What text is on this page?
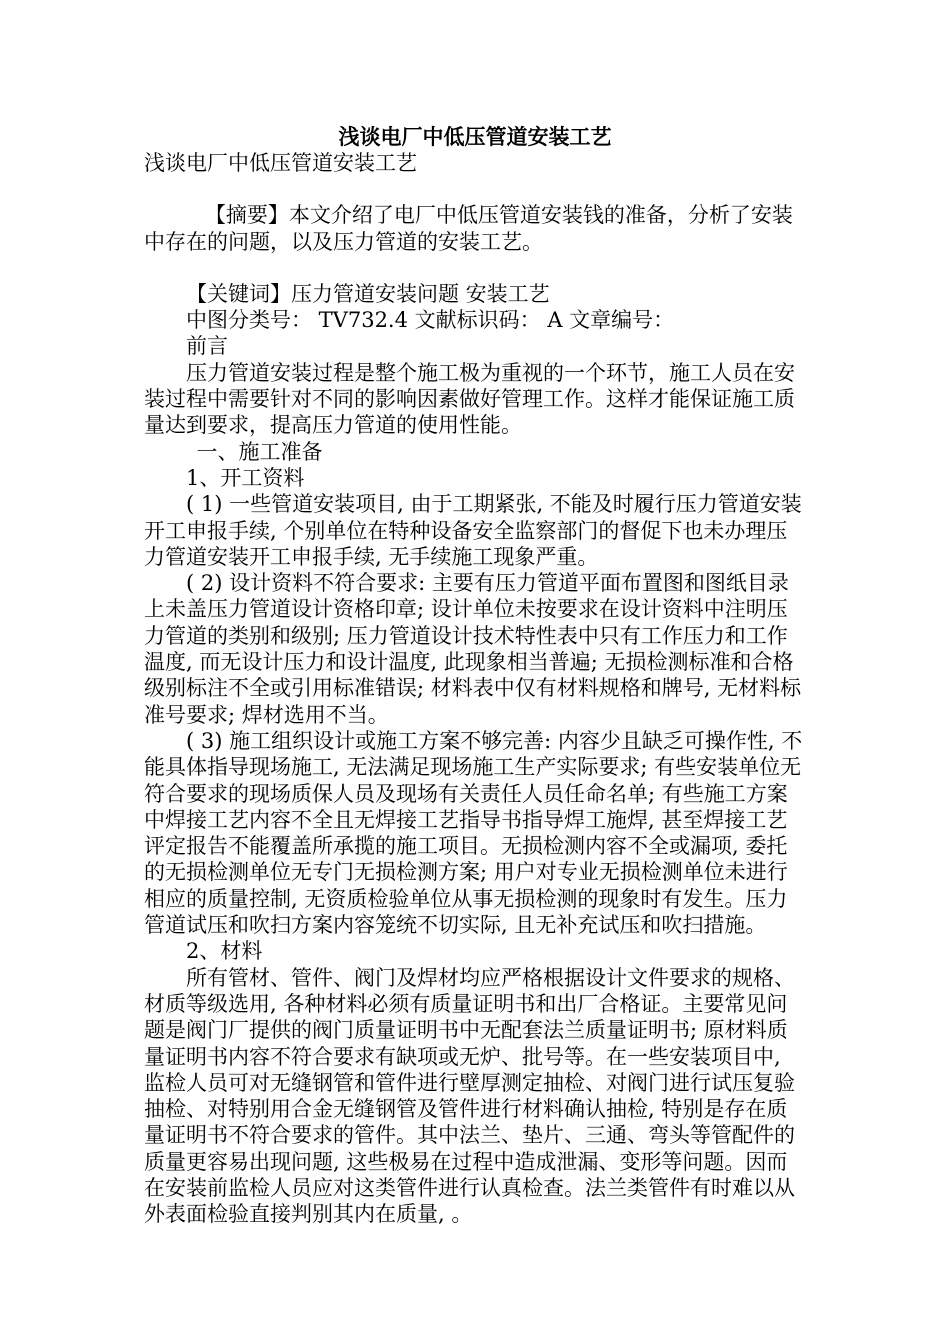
浅谈电厂中低压管道安装工艺

浅谈电厂中低压管道安装工艺

【摘要】本文介绍了电厂中低压管道安装钱的准备，分析了安装中存在的问题，以及压力管道的安装工艺。

【关键词】压力管道安装问题 安装工艺

中图分类号： TV732.4 文献标识码： A 文章编号：

前言

压力管道安装过程是整个施工极为重视的一个环节，施工人员在安装过程中需要针对不同的影响因素做好管理工作。这样才能保证施工质量达到要求，提高压力管道的使用性能。

一、施工准备

1、开工资料

( 1) 一些管道安装项目, 由于工期紧张, 不能及时履行压力管道安装开工申报手续, 个别单位在特种设备安全监察部门的督促下也未办理压力管道安装开工申报手续, 无手续施工现象严重。

( 2) 设计资料不符合要求: 主要有压力管道平面布置图和图纸目录上未盖压力管道设计资格印章; 设计单位未按要求在设计资料中注明压力管道的类别和级别; 压力管道设计技术特性表中只有工作压力和工作温度, 而无设计压力和设计温度, 此现象相当普遍; 无损检测标准和合格级别标注不全或引用标准错误; 材料表中仅有材料规格和牌号, 无材料标准号要求; 焊材选用不当。

( 3) 施工组织设计或施工方案不够完善: 内容少且缺乏可操作性, 不能具体指导现场施工, 无法满足现场施工生产实际要求; 有些安装单位无符合要求的现场质保人员及现场有关责任人员任命名单; 有些施工方案中焊接工艺内容不全且无焊接工艺指导书指导焊工施焊, 甚至焊接工艺评定报告不能覆盖所承揽的施工项目。无损检测内容不全或漏项, 委托的无损检测单位无专门无损检测方案; 用户对专业无损检测单位未进行相应的质量控制, 无资质检验单位从事无损检测的现象时有发生。压力管道试压和吹扫方案内容笼统不切实际, 且无补充试压和吹扫措施。

2、材料

所有管材、管件、阀门及焊材均应严格根据设计文件要求的规格、材质等级选用, 各种材料必须有质量证明书和出厂合格证。主要常见问题是阀门厂提供的阀门质量证明书中无配套法兰质量证明书; 原材料质量证明书内容不符合要求有缺项或无炉、批号等。在一些安装项目中, 监检人员可对无缝钢管和管件进行壁厚测定抽检、对阀门进行试压复验抽检、对特别用合金无缝钢管及管件进行材料确认抽检, 特别是存在质量证明书不符合要求的管件。其中法兰、垫片、三通、弯头等管配件的质量更容易出现问题, 这些极易在过程中造成泄漏、变形等问题。因而在安装前监检人员应对这类管件进行认真检查。法兰类管件有时难以从外表面检验直接判别其内在质量, 。
